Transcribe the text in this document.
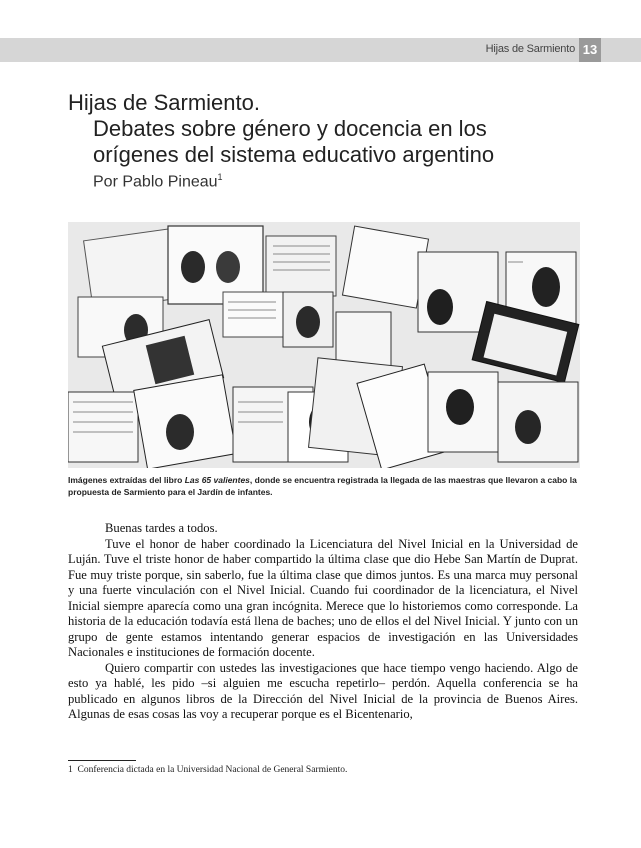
Hijas de Sarmiento 13
Hijas de Sarmiento.
Debates sobre género y docencia en los
orígenes del sistema educativo argentino
Por Pablo Pineau$^1$
Imágenes extraídas del libro Las 65 valientes, donde se encuentra registrada la llegada de las maestras que llevaron a cabo la propuesta de Sarmiento para el Jardín de infantes.

Buenas tardes a todos.

Tuve el honor de haber coordinado la Licenciatura del Nivel Inicial en la Universidad de Luján. Tuve el triste honor de haber compartido la última clase que dio Hebe San Martín de Duprat. Fue muy triste porque, sin saberlo, fue la última clase que dimos juntos. Es una marca muy personal y una fuerte vinculación con el Nivel Inicial. Cuando fui coordinador de la licenciatura, el Nivel Inicial siempre aparecía como una gran incógnita. Merece que lo historiemos como corresponde. La historia de la educación todavía está llena de baches; uno de ellos el del Nivel Inicial. Y junto con un grupo de gente estamos intentando generar espacios de investigación en las Universidades Nacionales e instituciones de formación docente.

Quiero compartir con ustedes las investigaciones que hace tiempo vengo haciendo. Algo de esto ya hablé, les pido –si alguien me escucha repetirlo– perdón. Aquella conferencia se ha publicado en algunos libros de la Dirección del Nivel Inicial de la provincia de Buenos Aires. Algunas de esas cosas las voy a recuperar porque es el Bicentenario,

1 Conferencia dictada en la Universidad Nacional de General Sarmiento.
